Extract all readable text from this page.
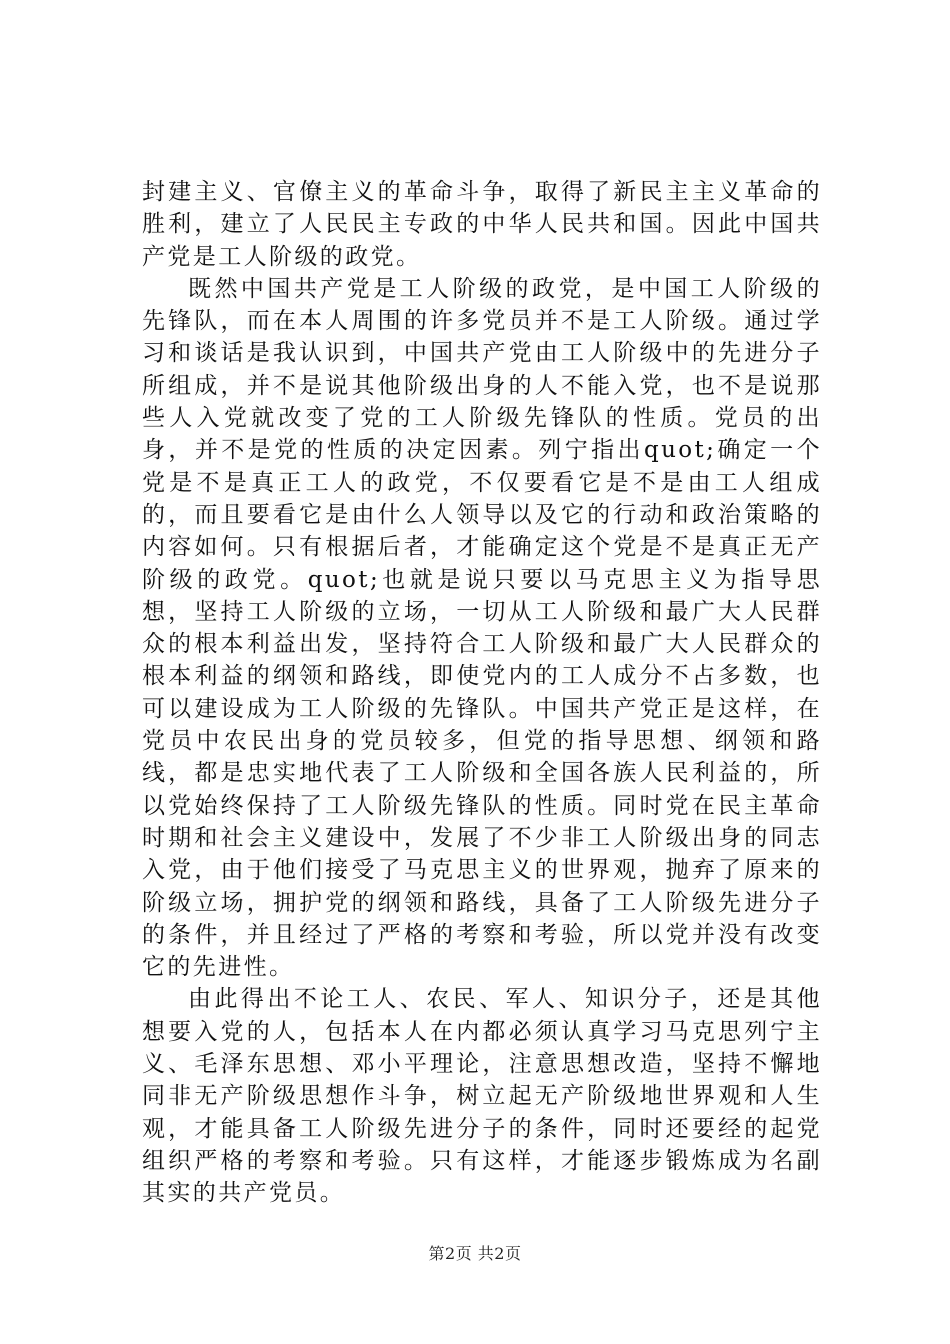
封建主义、官僚主义的革命斗争，取得了新民主主义革命的胜利，建立了人民民主专政的中华人民共和国。因此中国共产党是工人阶级的政党。

既然中国共产党是工人阶级的政党，是中国工人阶级的先锋队，而在本人周围的许多党员并不是工人阶级。通过学习和谈话是我认识到，中国共产党由工人阶级中的先进分子所组成，并不是说其他阶级出身的人不能入党，也不是说那些人入党就改变了党的工人阶级先锋队的性质。党员的出身，并不是党的性质的决定因素。列宁指出quot;确定一个党是不是真正工人的政党，不仅要看它是不是由工人组成的，而且要看它是由什么人领导以及它的行动和政治策略的内容如何。只有根据后者，才能确定这个党是不是真正无产阶级的政党。quot;也就是说只要以马克思主义为指导思想，坚持工人阶级的立场，一切从工人阶级和最广大人民群众的根本利益出发，坚持符合工人阶级和最广大人民群众的根本利益的纲领和路线，即使党内的工人成分不占多数，也可以建设成为工人阶级的先锋队。中国共产党正是这样，在党员中农民出身的党员较多，但党的指导思想、纲领和路线，都是忠实地代表了工人阶级和全国各族人民利益的，所以党始终保持了工人阶级先锋队的性质。同时党在民主革命时期和社会主义建设中，发展了不少非工人阶级出身的同志入党，由于他们接受了马克思主义的世界观，抛弃了原来的阶级立场，拥护党的纲领和路线，具备了工人阶级先进分子的条件，并且经过了严格的考察和考验，所以党并没有改变它的先进性。

由此得出不论工人、农民、军人、知识分子，还是其他想要入党的人，包括本人在内都必须认真学习马克思列宁主义、毛泽东思想、邓小平理论，注意思想改造，坚持不懈地同非无产阶级思想作斗争，树立起无产阶级地世界观和人生观，才能具备工人阶级先进分子的条件，同时还要经的起党组织严格的考察和考验。只有这样，才能逐步锻炼成为名副其实的共产党员。

第2页 共2页
